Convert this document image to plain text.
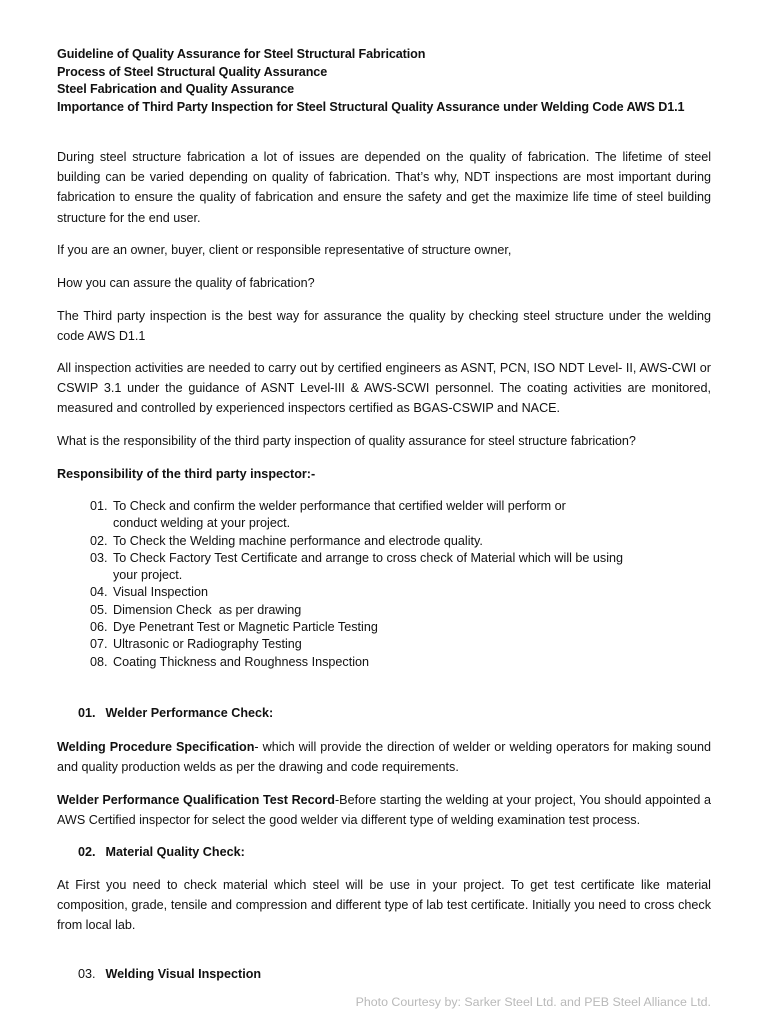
Guideline of Quality Assurance for Steel Structural Fabrication
Process of Steel Structural Quality Assurance
Steel Fabrication and Quality Assurance
Importance of Third Party Inspection for Steel Structural Quality Assurance under Welding Code AWS D1.1

During steel structure fabrication a lot of issues are depended on the quality of fabrication. The lifetime of steel building can be varied depending on quality of fabrication. That’s why, NDT inspections are most important during fabrication to ensure the quality of fabrication and ensure the safety and get the maximize life time of steel building structure for the end user.

If you are an owner, buyer, client or responsible representative of structure owner,

How you can assure the quality of fabrication?

The Third party inspection is the best way for assurance the quality by checking steel structure under the welding code AWS D1.1

All inspection activities are needed to carry out by certified engineers as ASNT, PCN, ISO NDT Level- II, AWS-CWI or CSWIP 3.1 under the guidance of ASNT Level-III & AWS-SCWI personnel. The coating activities are monitored, measured and controlled by experienced inspectors certified as BGAS-CSWIP and NACE.

What is the responsibility of the third party inspection of quality assurance for steel structure fabrication?

Responsibility of the third party inspector:-

01. To Check and confirm the welder performance that certified welder will perform or
conduct welding at your project.
02. To Check the Welding machine performance and electrode quality.
03. To Check Factory Test Certificate and arrange to cross check of Material which will be using
your project.
04. Visual Inspection
05. Dimension Check  as per drawing
06. Dye Penetrant Test or Magnetic Particle Testing
07. Ultrasonic or Radiography Testing
08. Coating Thickness and Roughness Inspection
01. Welder Performance Check:

Welding Procedure Specification- which will provide the direction of welder or welding operators for making sound and quality production welds as per the drawing and code requirements.

Welder Performance Qualification Test Record-Before starting the welding at your project, You should appointed a AWS Certified inspector for select the good welder via different type of welding examination test process.

02. Material Quality Check:

At First you need to check material which steel will be use in your project. To get test certificate like material composition, grade, tensile and compression and different type of lab test certificate. Initially you need to cross check from local lab.

03. Welding Visual Inspection
Photo Courtesy by: Sarker Steel Ltd. and PEB Steel Alliance Ltd.
